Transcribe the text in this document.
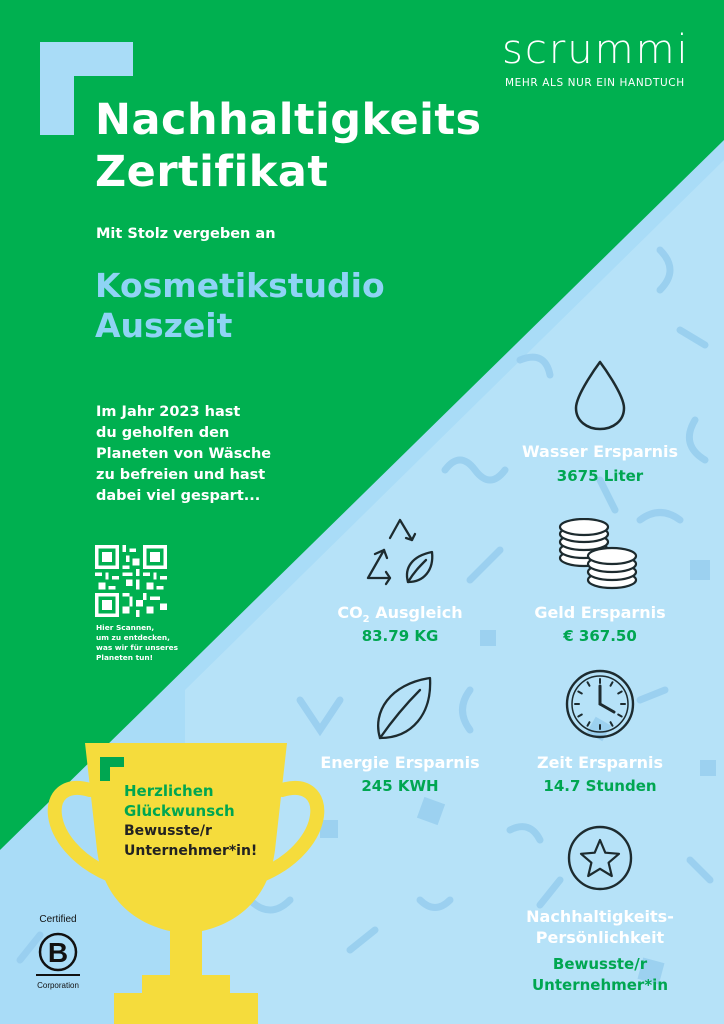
scrummi
MEHR ALS NUR EIN HANDTUCH
Nachhaltigkeits
Zertifikat
Mit Stolz vergeben an
Kosmetikstudio
Auszeit
Im Jahr 2023 hast
du geholfen den
Planeten von Wäsche
zu befreien und hast
dabei viel gespart...
Hier Scannen,
um zu entdecken,
was wir für unseres
Planeten tun!
Wasser Ersparnis
3675 Liter
$CO_2$ Ausgleich
83.79 KG
Geld Ersparnis
€ 367.50
Energie Ersparnis
245 KWH
Zeit Ersparnis
14.7 Stunden
Nachhaltigkeits-
Persönlichkeit
Bewusste/r
Unternehmer*in
Herzlichen
Glückwunsch
Bewusste/r
Unternehmer*in!
Certified
B
Corporation
